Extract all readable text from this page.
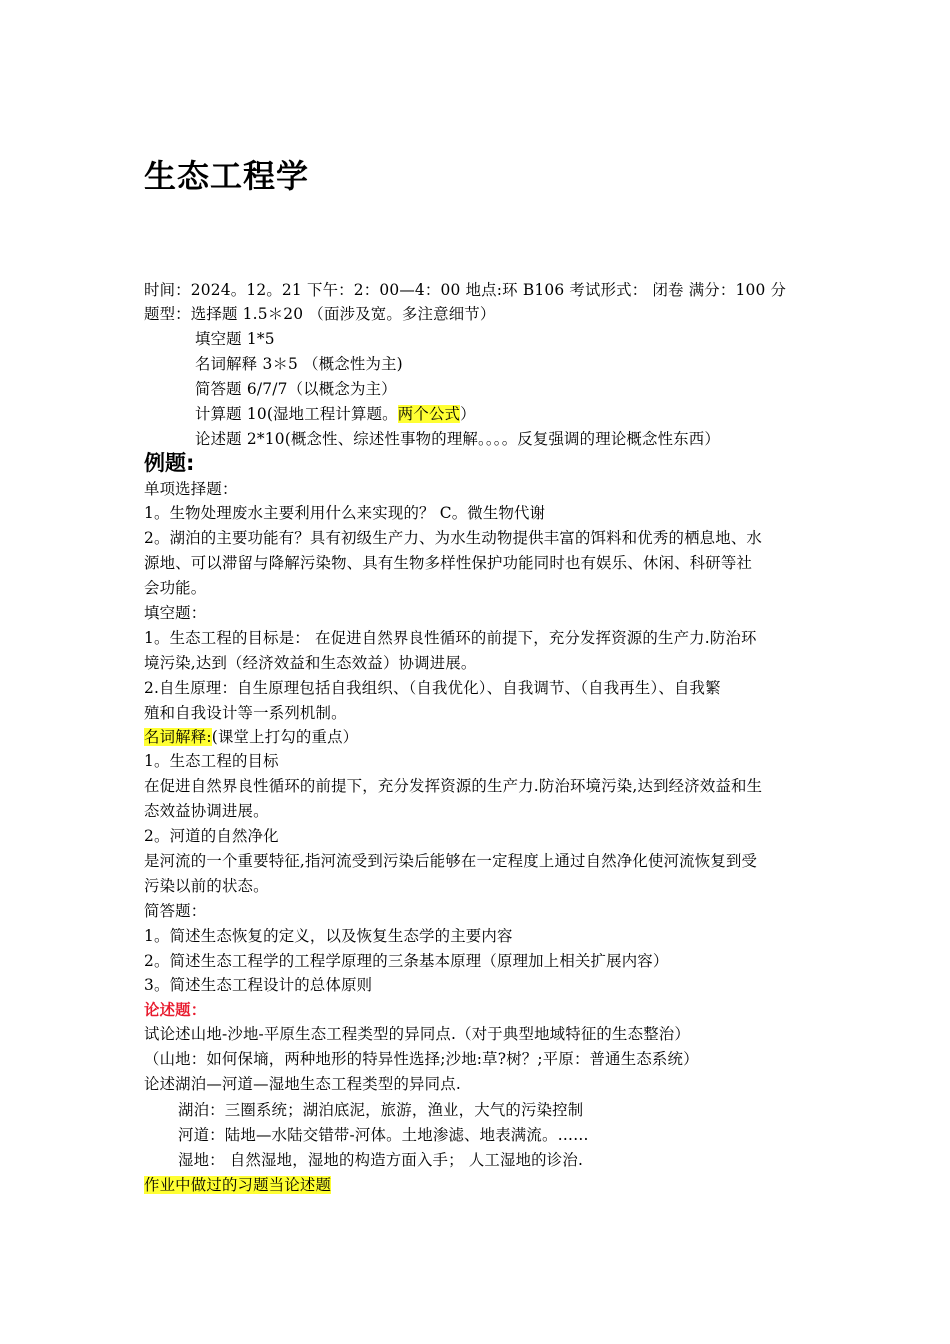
生态工程学
时间：2024。12。21 下午：2：00—4：00 地点:环 B106 考试形式： 闭卷 满分：100 分
题型：选择题 1.5＊20 （面涉及宽。多注意细节）
填空题 1*5
名词解释 3＊5 （概念性为主)
简答题 6/7/7（以概念为主）
计算题 10(湿地工程计算题。两个公式）
论述题 2*10(概念性、综述性事物的理解。。。。反复强调的理论概念性东西）
例题:
单项选择题：
1。生物处理废水主要利用什么来实现的？ C。微生物代谢
2。湖泊的主要功能有？具有初级生产力、为水生动物提供丰富的饵料和优秀的栖息地、水
源地、可以滞留与降解污染物、具有生物多样性保护功能同时也有娱乐、休闲、科研等社
会功能。
填空题：
1。生态工程的目标是： 在促进自然界良性循环的前提下，充分发挥资源的生产力.防治环
境污染,达到（经济效益和生态效益）协调进展。
2.自生原理：自生原理包括自我组织、（自我优化）、自我调节、（自我再生）、自我繁
殖和自我设计等一系列机制。
名词解释:(课堂上打勾的重点）
1。生态工程的目标
在促进自然界良性循环的前提下，充分发挥资源的生产力.防治环境污染,达到经济效益和生
态效益协调进展。
2。河道的自然净化
是河流的一个重要特征,指河流受到污染后能够在一定程度上通过自然净化使河流恢复到受
污染以前的状态。
简答题：
1。简述生态恢复的定义，以及恢复生态学的主要内容
2。简述生态工程学的工程学原理的三条基本原理（原理加上相关扩展内容）
3。简述生态工程设计的总体原则
论述题：
试论述山地-沙地-平原生态工程类型的异同点.（对于典型地域特征的生态整治）
（山地：如何保墒，两种地形的特异性选择;沙地:草?树？;平原：普通生态系统）
论述湖泊—河道—湿地生态工程类型的异同点.
湖泊：三圈系统；湖泊底泥，旅游，渔业，大气的污染控制
河道：陆地—水陆交错带-河体。土地渗滤、地表满流。……
湿地： 自然湿地，湿地的构造方面入手； 人工湿地的诊治.
作业中做过的习题当论述题
